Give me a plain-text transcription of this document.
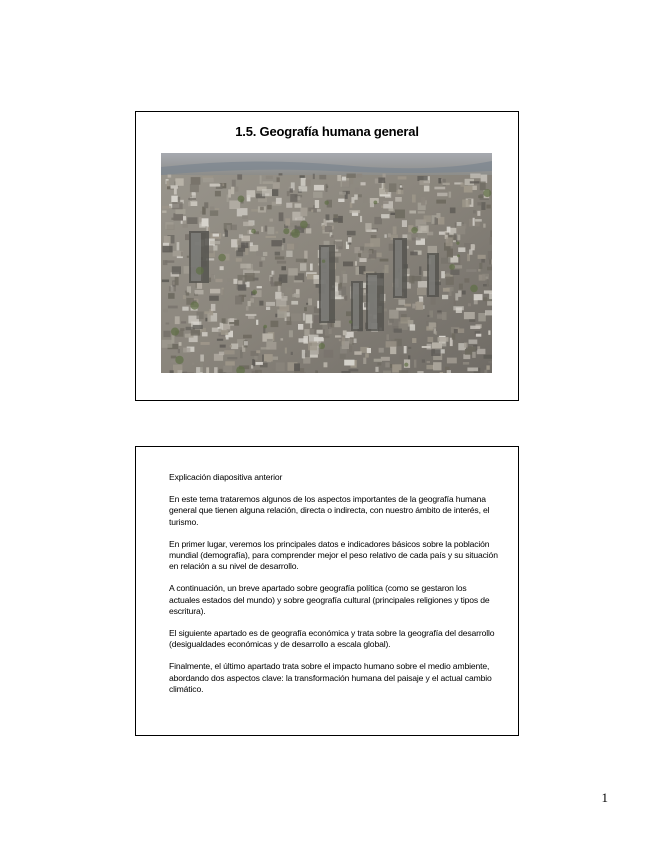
1.5. Geografía humana general

Explicación diapositiva anterior

En este tema trataremos algunos de los aspectos importantes de la geografía humana general que tienen alguna relación, directa o indirecta, con nuestro ámbito de interés, el turismo.

En primer lugar, veremos los principales datos e indicadores básicos sobre la población mundial (demografía), para comprender mejor el peso relativo de cada país y su situación en relación a su nivel de desarrollo.

A continuación, un breve apartado sobre geografía política (como se gestaron los actuales estados del mundo) y sobre geografía cultural (principales religiones y tipos de escritura).

El siguiente apartado es de geografía económica y trata sobre la geografía del desarrollo (desigualdades económicas y de desarrollo a escala global).

Finalmente, el último apartado trata sobre el impacto humano sobre el medio ambiente, abordando dos aspectos clave: la transformación humana del paisaje y el actual cambio climático.

1
